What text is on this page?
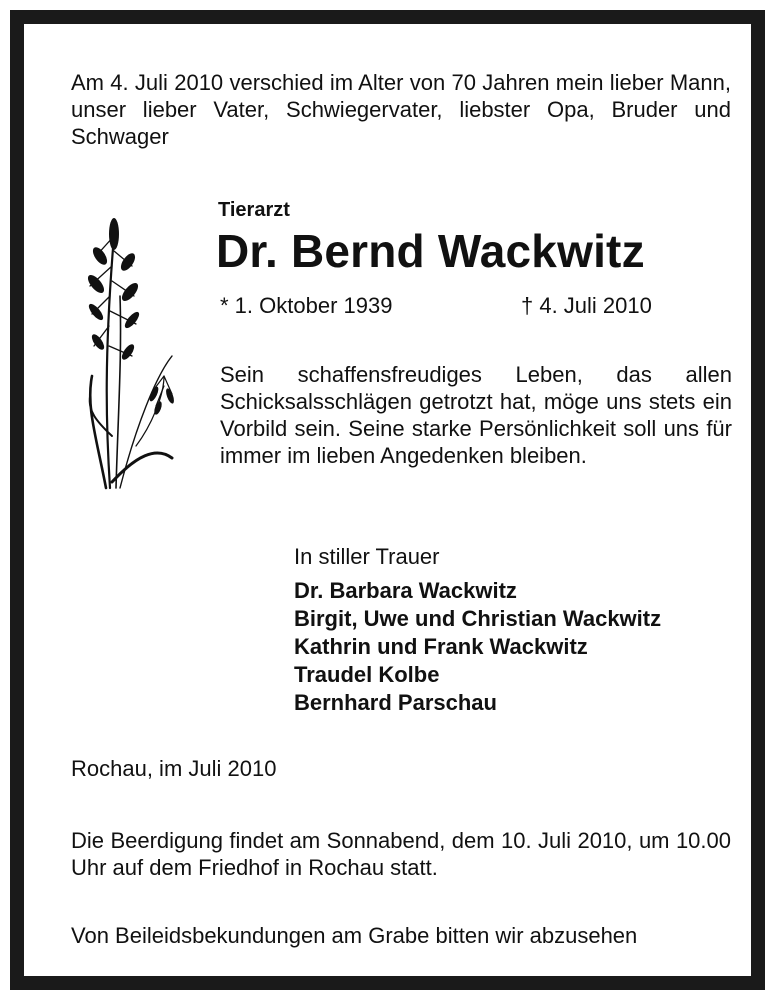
Am 4. Juli 2010 verschied im Alter von 70 Jahren mein lieber Mann, unser lieber Vater, Schwiegervater, liebster Opa, Bruder und Schwager

Tierarzt

Dr. Bernd Wackwitz

* 1. Oktober 1939	† 4. Juli 2010

Sein schaffensfreudiges Leben, das allen Schicksalsschlägen getrotzt hat, möge uns stets ein Vorbild sein. Seine starke Persönlichkeit soll uns für immer im lieben Angedenken bleiben.

In stiller Trauer

Dr. Barbara Wackwitz
Birgit, Uwe und Christian Wackwitz
Kathrin und Frank Wackwitz
Traudel Kolbe
Bernhard Parschau

Rochau, im Juli 2010

Die Beerdigung findet am Sonnabend, dem 10. Juli 2010, um 10.00 Uhr auf dem Friedhof in Rochau statt.

Von Beileidsbekundungen am Grabe bitten wir abzusehen
